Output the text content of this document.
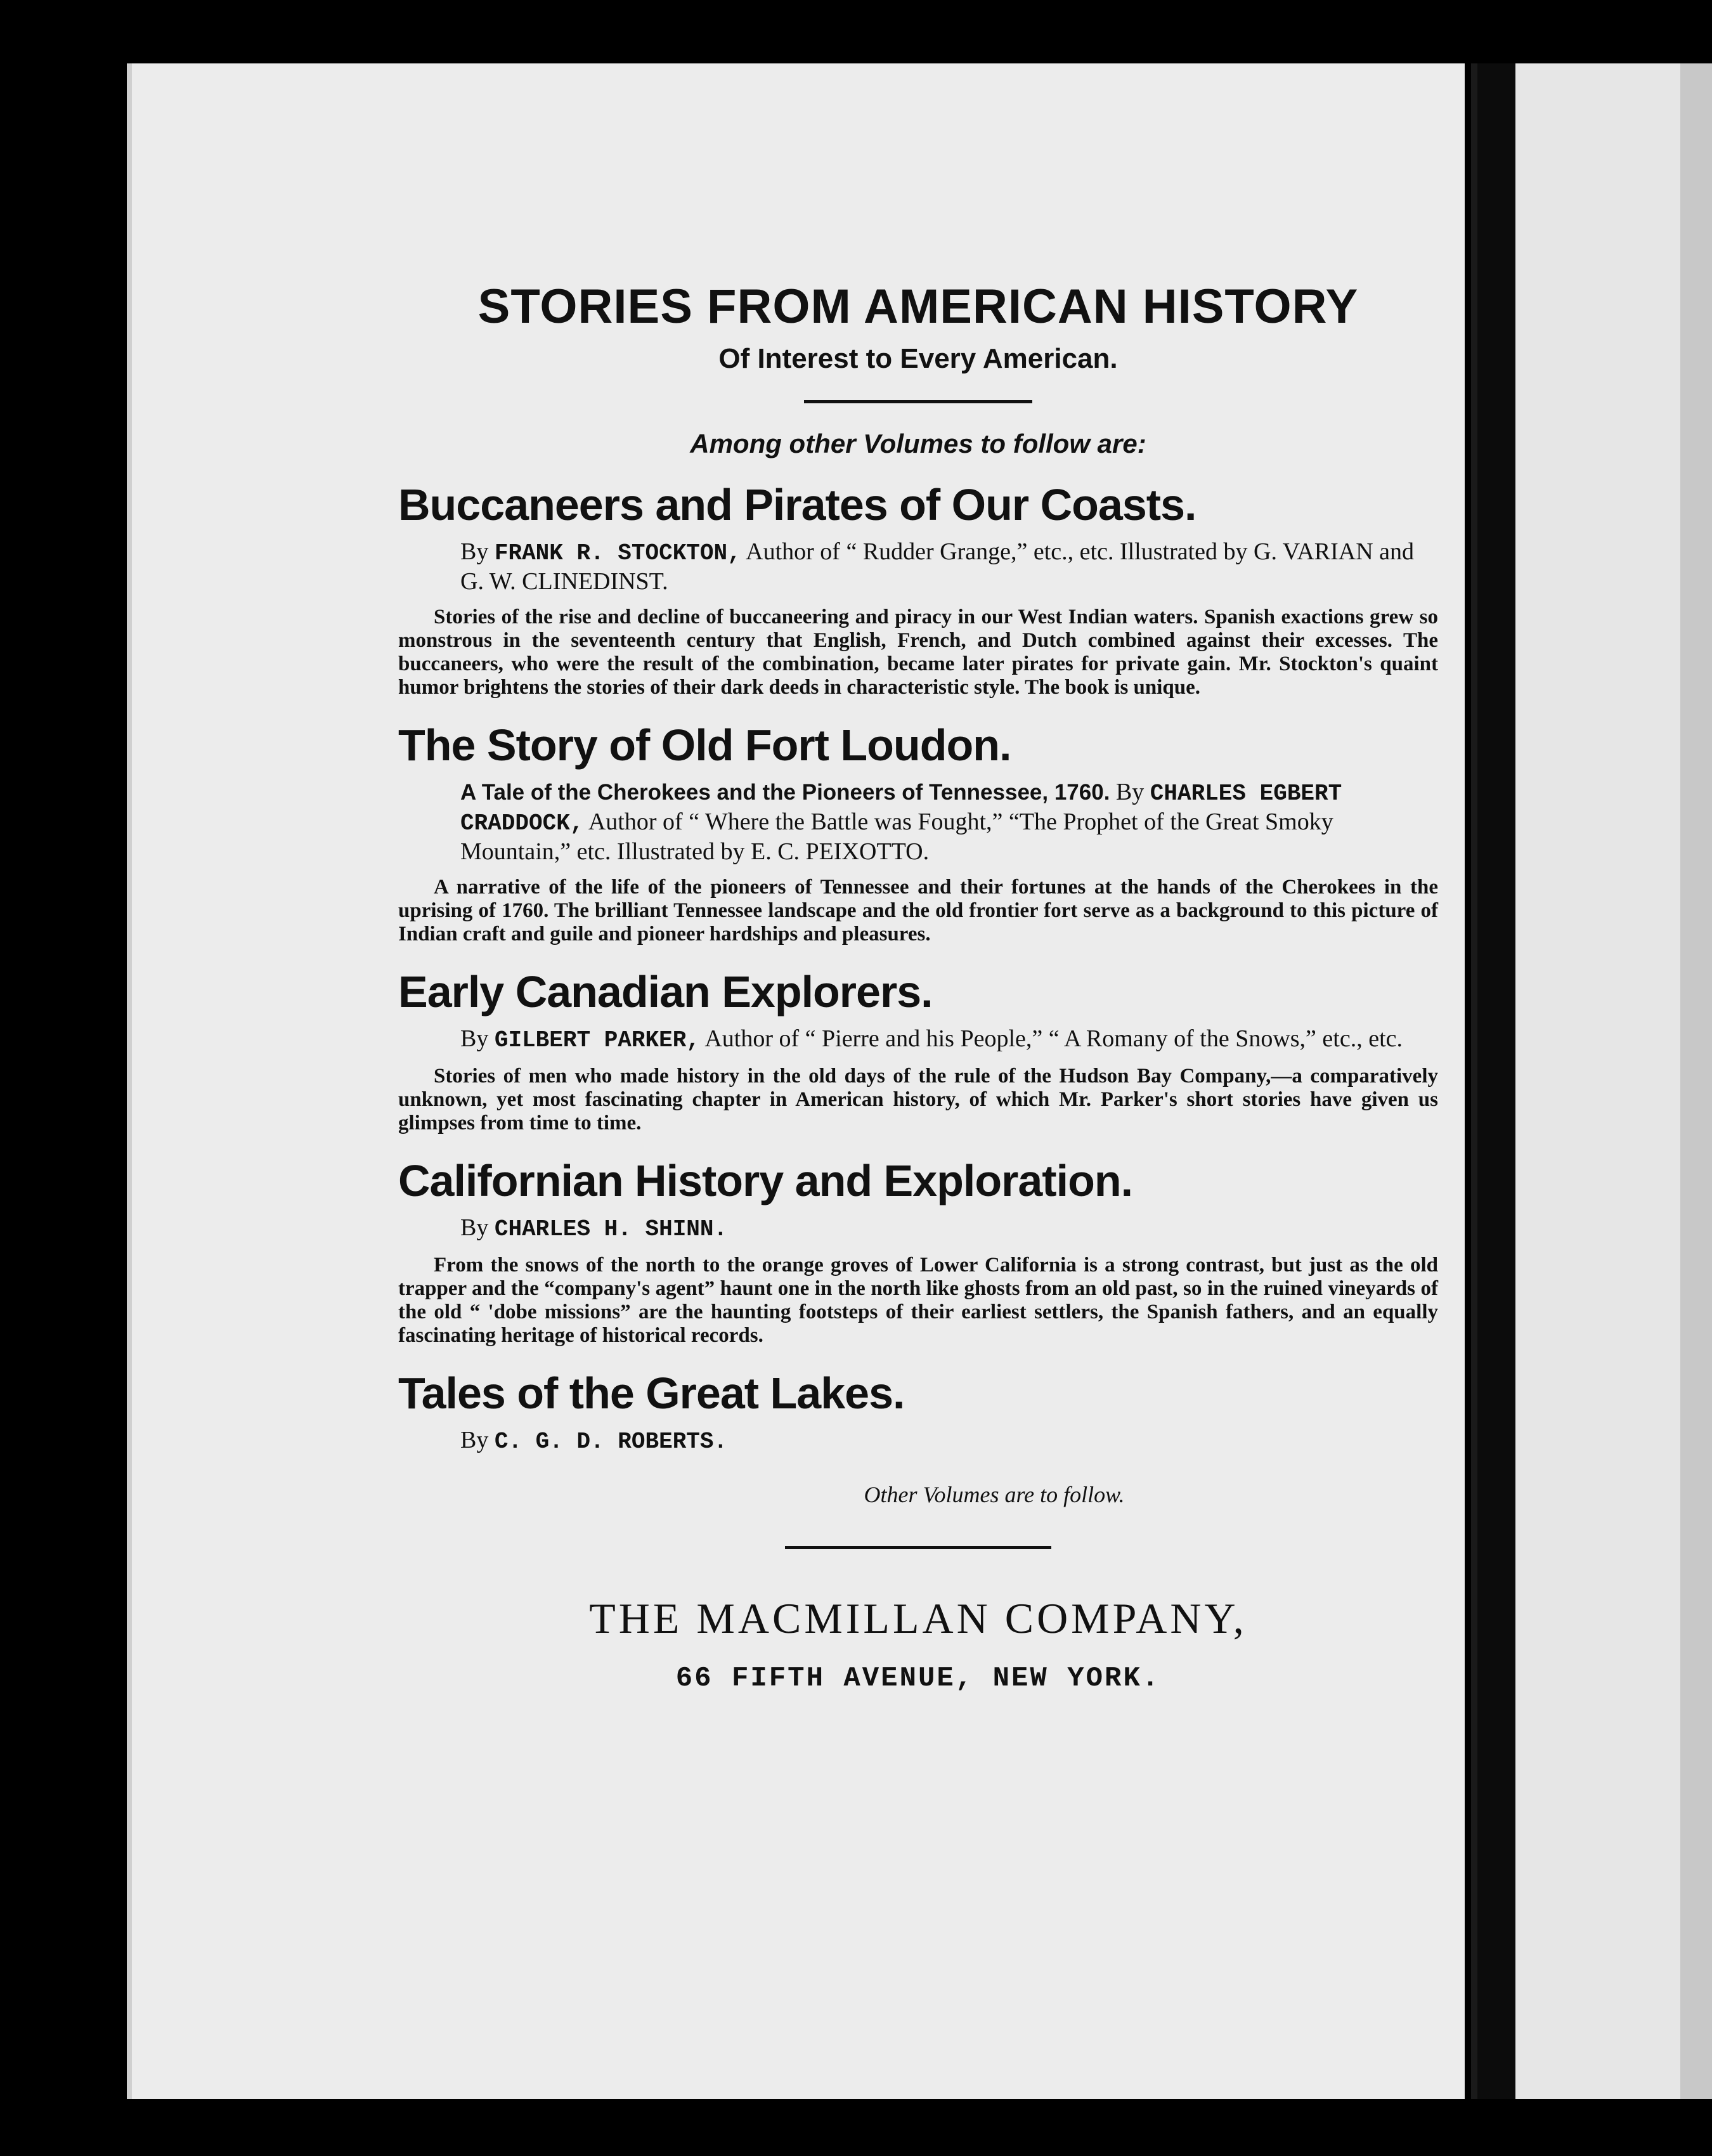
STORIES FROM AMERICAN HISTORY
Of Interest to Every American.
Among other Volumes to follow are:
Buccaneers and Pirates of Our Coasts.
By FRANK R. STOCKTON, Author of “ Rudder Grange,” etc., etc. Illustrated by G. VARIAN and G. W. CLINEDINST.

Stories of the rise and decline of buccaneering and piracy in our West Indian waters. Spanish exactions grew so monstrous in the seventeenth century that English, French, and Dutch combined against their excesses. The buccaneers, who were the result of the combination, became later pirates for private gain. Mr. Stockton's quaint humor brightens the stories of their dark deeds in characteristic style. The book is unique.

The Story of Old Fort Loudon.
A Tale of the Cherokees and the Pioneers of Tennessee, 1760. By CHARLES EGBERT CRADDOCK, Author of “ Where the Battle was Fought,” “The Prophet of the Great Smoky Mountain,” etc. Illustrated by E. C. PEIXOTTO.

A narrative of the life of the pioneers of Tennessee and their fortunes at the hands of the Cherokees in the uprising of 1760. The brilliant Tennessee landscape and the old frontier fort serve as a background to this picture of Indian craft and guile and pioneer hardships and pleasures.

Early Canadian Explorers.
By GILBERT PARKER, Author of “ Pierre and his People,” “ A Romany of the Snows,” etc., etc.

Stories of men who made history in the old days of the rule of the Hudson Bay Company,—a comparatively unknown, yet most fascinating chapter in American history, of which Mr. Parker's short stories have given us glimpses from time to time.

Californian History and Exploration.
By CHARLES H. SHINN.

From the snows of the north to the orange groves of Lower California is a strong contrast, but just as the old trapper and the “company's agent” haunt one in the north like ghosts from an old past, so in the ruined vineyards of the old “ 'dobe missions” are the haunting footsteps of their earliest settlers, the Spanish fathers, and an equally fascinating heritage of historical records.

Tales of the Great Lakes.
By C. G. D. ROBERTS.
Other Volumes are to follow.
THE MACMILLAN COMPANY,
66 FIFTH AVENUE, NEW YORK.
